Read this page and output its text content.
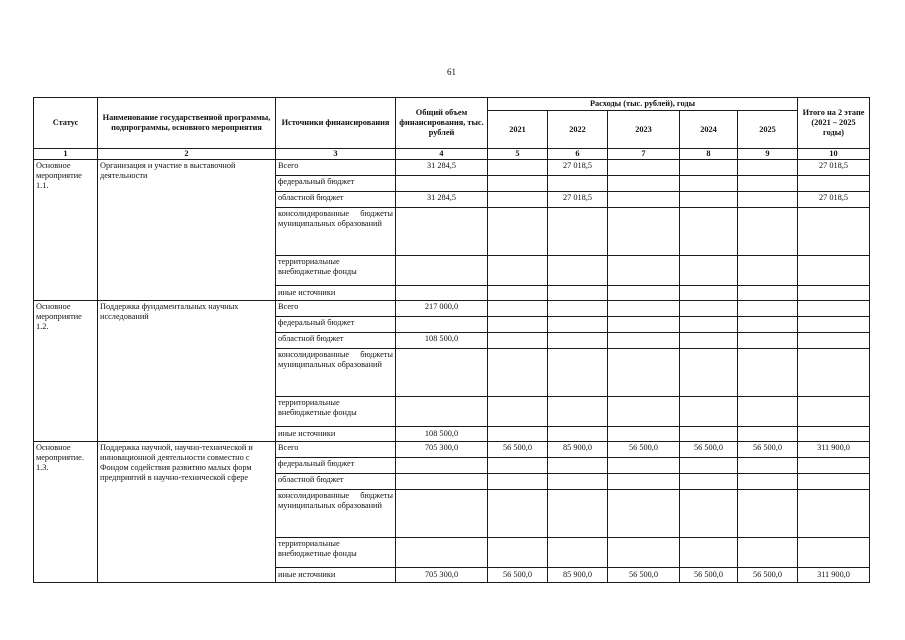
61
Статус	Наименование государственной программы, подпрограммы, основного мероприятия	Источники финансирования	Общий объем финансирования, тыс. рублей	Расходы (тыс. рублей), годы					Итого на 2 этапе (2021 – 2025 годы)
				2021	2022	2023	2024	2025	
1	2	3	4	5	6	7	8	9	10
Основное мероприятие 1.1.	Организация и участие в выставочной деятельности	Всего	31 284,5		27 018,5				27 018,5
		федеральный бюджет							
		областной бюджет	31 284,5		27 018,5				27 018,5
		консолидированные бюджеты муниципальных образований							
		территориальные внебюджетные фонды							
		иные источники							
Основное мероприятие 1.2.	Поддержка фундаментальных научных исследований	Всего	217 000,0						
		федеральный бюджет							
		областной бюджет	108 500,0						
		консолидированные бюджеты муниципальных образований							
		территориальные внебюджетные фонды							
		иные источники	108 500,0						
Основное мероприятие. 1.3.	Поддержка научной, научно-технической и инновационной деятельности совместно с Фондом содействия развитию малых форм предприятий в научно-технической сфере	Всего	705 300,0	56 500,0	85 900,0	56 500,0	56 500,0	56 500,0	311 900,0
		федеральный бюджет							
		областной бюджет							
		консолидированные бюджеты муниципальных образований							
		территориальные внебюджетные фонды							
		иные источники	705 300,0	56 500,0	85 900,0	56 500,0	56 500,0	56 500,0	311 900,0
